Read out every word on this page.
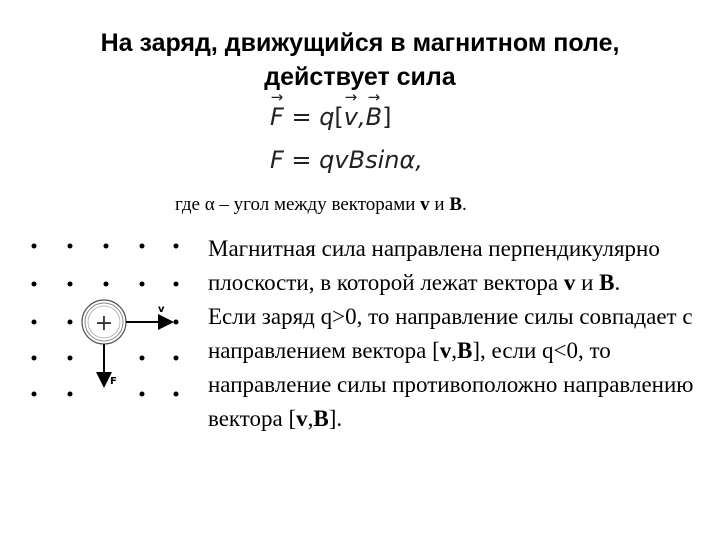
На заряд, движущийся в магнитном поле,
действует сила
→ F = q[→ v,→ B]
F = qvBsinα,
где α – угол между векторами v и B.
+
v
F

Магнитная сила направлена перпендикулярно плоскости, в которой лежат вектора v и B.

Если заряд q>0, то направление силы совпадает с направлением вектора [v,B], если q<0, то направление силы противоположно направлению вектора [v,B].
